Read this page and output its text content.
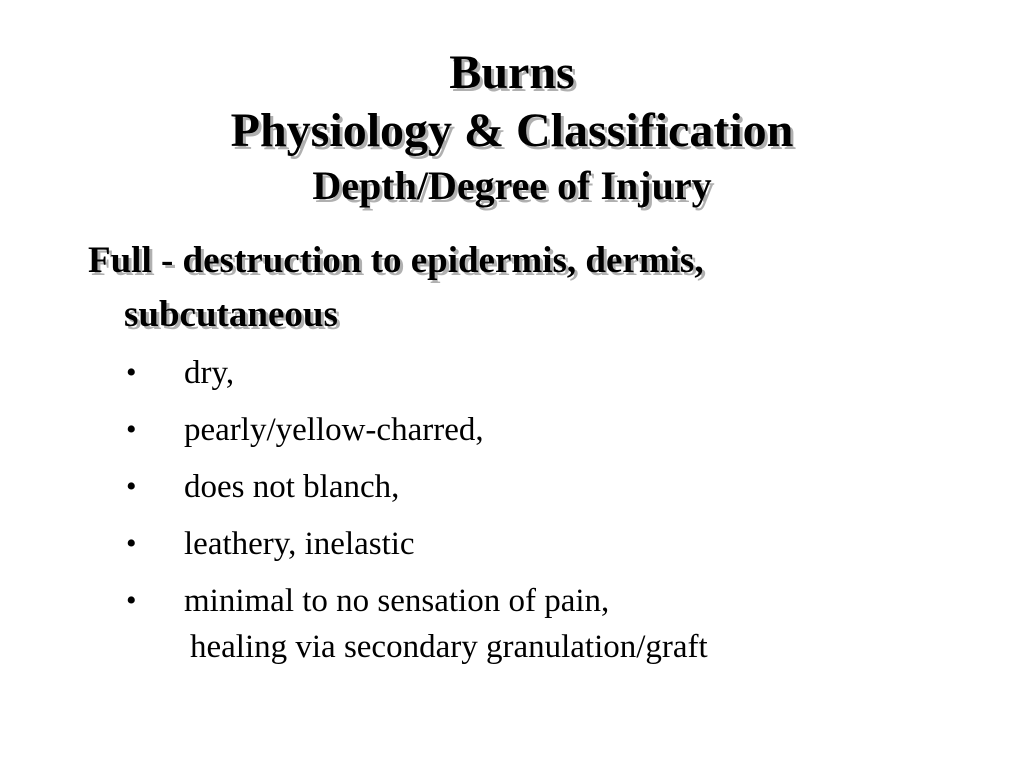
Burns
Physiology & Classification
Depth/Degree of Injury
Full - destruction to epidermis, dermis,
subcutaneous
• dry,
• pearly/yellow-charred,
• does not blanch,
• leathery, inelastic
• minimal to no sensation of pain,
healing via secondary granulation/graft
